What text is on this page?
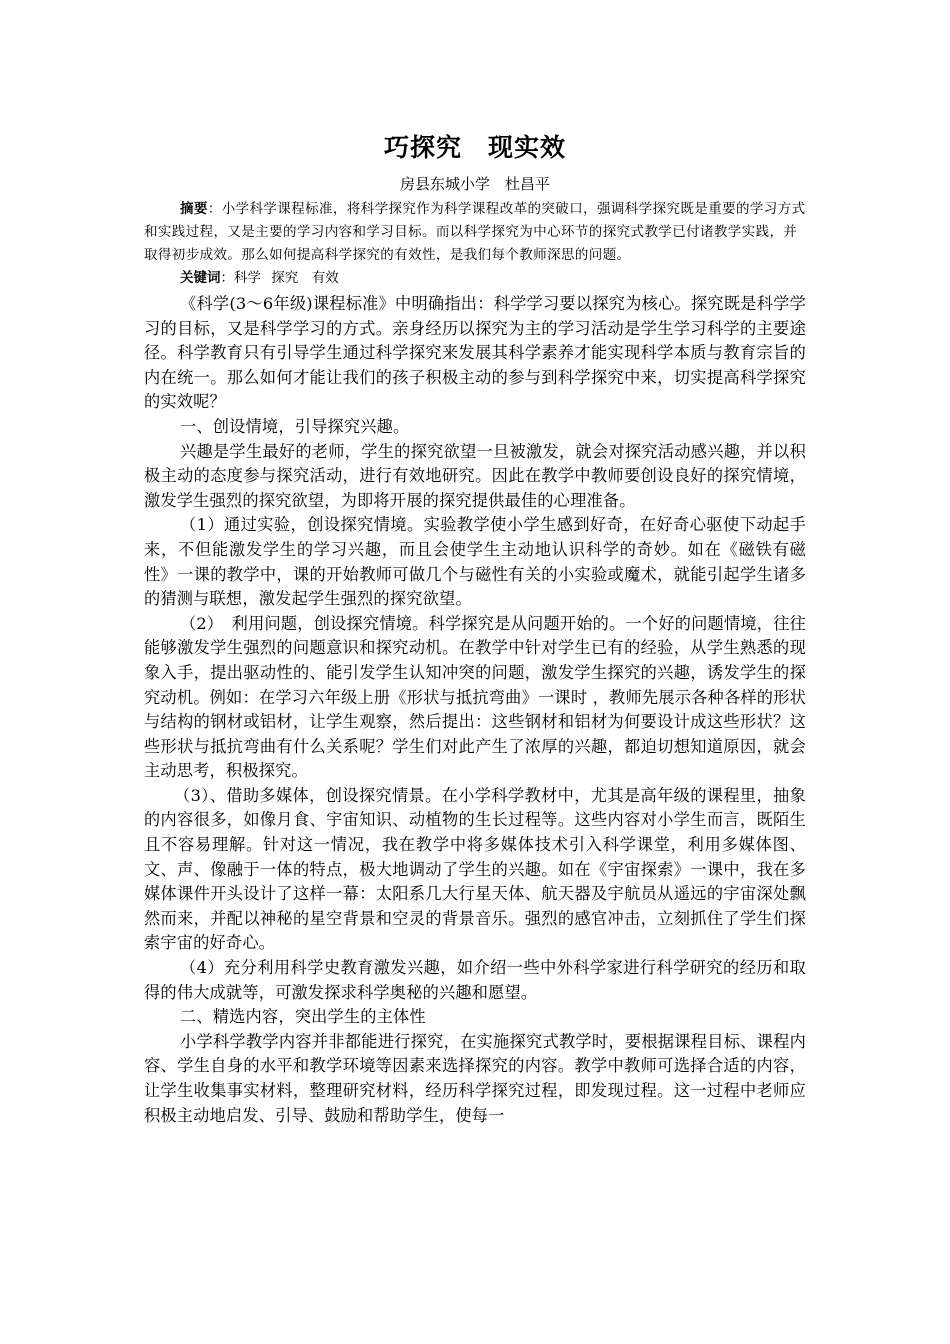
巧探究　现实效

房县东城小学　杜昌平

摘要：小学科学课程标准，将科学探究作为科学课程改革的突破口，强调科学探究既是重要的学习方式和实践过程，又是主要的学习内容和学习目标。而以科学探究为中心环节的探究式教学已付诸教学实践，并取得初步成效。那么如何提高科学探究的有效性，是我们每个教师深思的问题。

关键词：科学 探究　有效

《科学(3～6年级)课程标准》中明确指出：科学学习要以探究为核心。探究既是科学学习的目标，又是科学学习的方式。亲身经历以探究为主的学习活动是学生学习科学的主要途径。科学教育只有引导学生通过科学探究来发展其科学素养才能实现科学本质与教育宗旨的内在统一。那么如何才能让我们的孩子积极主动的参与到科学探究中来，切实提高科学探究的实效呢？

一、创设情境，引导探究兴趣。

兴趣是学生最好的老师，学生的探究欲望一旦被激发，就会对探究活动感兴趣，并以积极主动的态度参与探究活动，进行有效地研究。因此在教学中教师要创设良好的探究情境，激发学生强烈的探究欲望，为即将开展的探究提供最佳的心理准备。

（1）通过实验，创设探究情境。实验教学使小学生感到好奇，在好奇心驱使下动起手来，不但能激发学生的学习兴趣，而且会使学生主动地认识科学的奇妙。如在《磁铁有磁性》一课的教学中，课的开始教师可做几个与磁性有关的小实验或魔术，就能引起学生诸多的猜测与联想，激发起学生强烈的探究欲望。

（2）　利用问题，创设探究情境。科学探究是从问题开始的。一个好的问题情境，往往能够激发学生强烈的问题意识和探究动机。在教学中针对学生已有的经验，从学生熟悉的现象入手，提出驱动性的、能引发学生认知冲突的问题，激发学生探究的兴趣，诱发学生的探究动机。例如：在学习六年级上册《形状与抵抗弯曲》一课时 ，教师先展示各种各样的形状与结构的钢材或铝材，让学生观察，然后提出：这些钢材和铝材为何要设计成这些形状？这些形状与抵抗弯曲有什么关系呢？学生们对此产生了浓厚的兴趣，都迫切想知道原因，就会主动思考，积极探究。

（3）、借助多媒体，创设探究情景。在小学科学教材中，尤其是高年级的课程里，抽象的内容很多，如像月食、宇宙知识、动植物的生长过程等。这些内容对小学生而言，既陌生且不容易理解。针对这一情况，我在教学中将多媒体技术引入科学课堂，利用多媒体图、文、声、像融于一体的特点，极大地调动了学生的兴趣。如在《宇宙探索》一课中，我在多媒体课件开头设计了这样一幕：太阳系几大行星天体、航天器及宇航员从遥远的宇宙深处飘然而来，并配以神秘的星空背景和空灵的背景音乐。强烈的感官冲击，立刻抓住了学生们探索宇宙的好奇心。

（4）充分利用科学史教育激发兴趣，如介绍一些中外科学家进行科学研究的经历和取得的伟大成就等，可激发探求科学奥秘的兴趣和愿望。

二、精选内容，突出学生的主体性

小学科学教学内容并非都能进行探究，在实施探究式教学时，要根据课程目标、课程内容、学生自身的水平和教学环境等因素来选择探究的内容。教学中教师可选择合适的内容，让学生收集事实材料，整理研究材料，经历科学探究过程，即发现过程。这一过程中老师应积极主动地启发、引导、鼓励和帮助学生，使每一
